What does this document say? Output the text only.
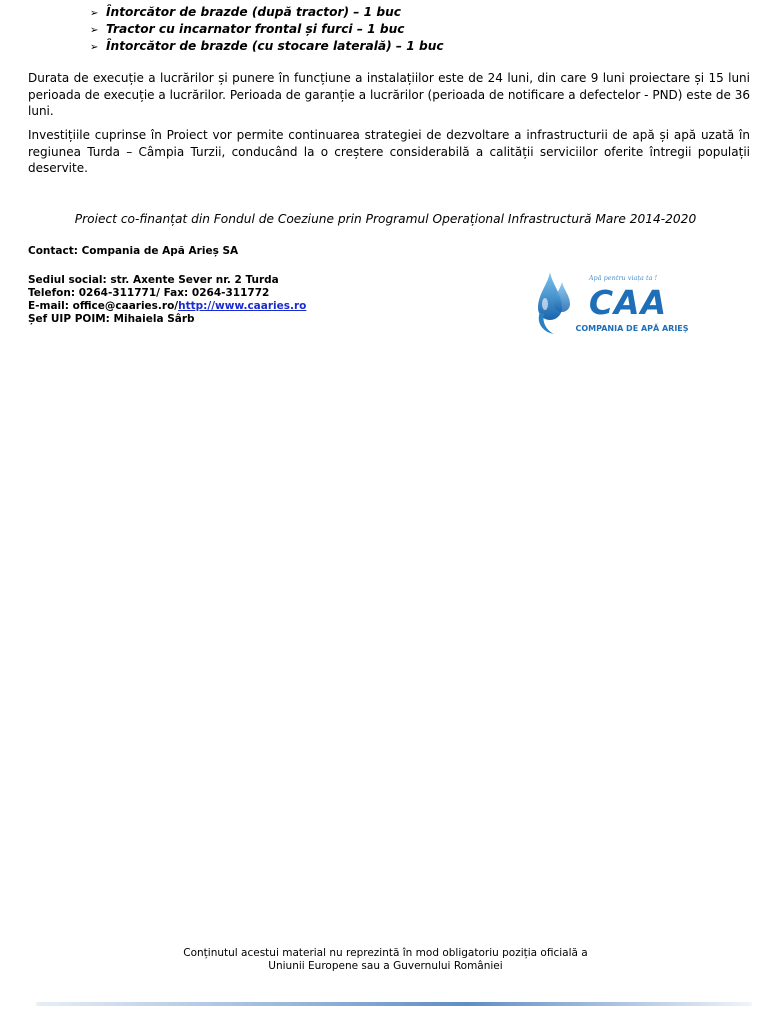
➢ Întorcător de brazde (după tractor) – 1 buc
➢ Tractor cu incarnator frontal și furci – 1 buc
➢ Întorcător de brazde (cu stocare laterală) – 1 buc

Durata de execuție a lucrărilor și punere în funcțiune a instalațiilor este de 24 luni, din care 9 luni proiectare și 15 luni perioada de execuție a lucrărilor. Perioada de garanție a lucrărilor (perioada de notificare a defectelor - PND) este de 36 luni.

Investițiile cuprinse în Proiect vor permite continuarea strategiei de dezvoltare a infrastructurii de apă și apă uzată în regiunea Turda – Câmpia Turzii, conducând la o creștere considerabilă a calității serviciilor oferite întregii populații deservite.

Proiect co-finanțat din Fondul de Coeziune prin Programul Operațional Infrastructură Mare 2014-2020
Contact: Compania de Apă Arieș SA
Sediul social: str. Axente Sever nr. 2 Turda
Telefon: 0264-311771/ Fax: 0264-311772
E-mail: office@caaries.ro/http://www.caaries.ro
Șef UIP POIM: Mihaiela Sârb
Apă pentru viața ta !
CAA
COMPANIA DE APĂ ARIEȘ
Conținutul acestui material nu reprezintă în mod obligatoriu poziția oficială a
Uniunii Europene sau a Guvernului României
